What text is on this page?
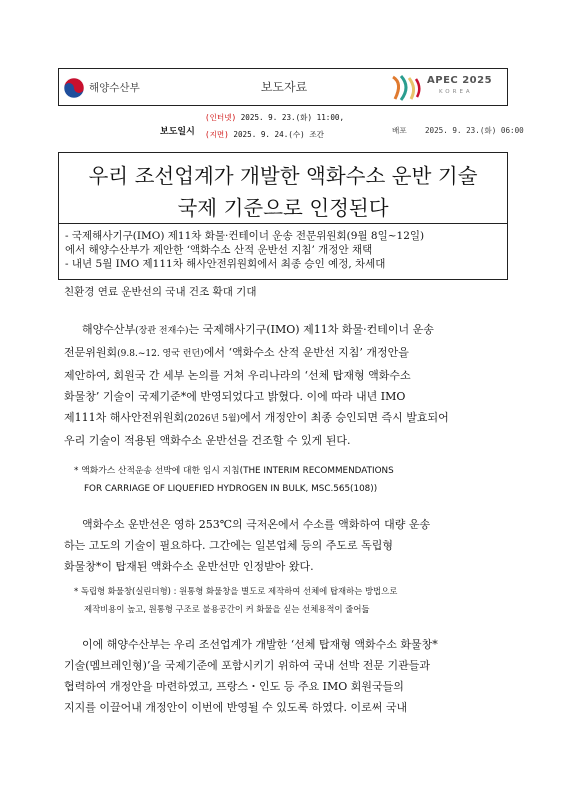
해양수산부	보도자료	APEC 2025
KOREA
보도일시
(인터넷) 2025. 9. 23.(화) 11:00,
(지면) 2025. 9. 24.(수) 조간	배포 2025. 9. 23.(화) 06:00
우리 조선업계가 개발한 액화수소 운반 기술
국제 기준으로 인정된다
- 국제해사기구(IMO) 제11차 화물·컨테이너 운송 전문위원회(9월 8일~12일)
에서 해양수산부가 제안한 ‘액화수소 산적 운반선 지침’ 개정안 채택
- 내년 5월 IMO 제111차 해사안전위원회에서 최종 승인 예정, 차세대
친환경 연료 운반선의 국내 건조 확대 기대
해양수산부(장관 전재수)는 국제해사기구(IMO) 제11차 화물·컨테이너 운송
전문위원회(9.8.~12. 영국 런던)에서 ‘액화수소 산적 운반선 지침’ 개정안을
제안하여, 회원국 간 세부 논의를 거쳐 우리나라의 ‘선체 탑재형 액화수소
화물창’ 기술이 국제기준*에 반영되었다고 밝혔다. 이에 따라 내년 IMO
제111차 해사안전위원회(2026년 5월)에서 개정안이 최종 승인되면 즉시 발효되어
우리 기술이 적용된 액화수소 운반선을 건조할 수 있게 된다.
* 액화가스 산적운송 선박에 대한 임시 지침(THE INTERIM RECOMMENDATIONS
FOR CARRIAGE OF LIQUEFIED HYDROGEN IN BULK, MSC.565(108))
액화수소 운반선은 영하 253℃의 극저온에서 수소를 액화하여 대량 운송
하는 고도의 기술이 필요하다. 그간에는 일본업체 등의 주도로 독립형
화물창*이 탑재된 액화수소 운반선만 인정받아 왔다.
* 독립형 화물창(실린더형) : 원통형 화물창을 별도로 제작하여 선체에 탑재하는 방법으로
제작비용이 높고, 원통형 구조로 불용공간이 커 화물을 싣는 선체용적이 줄어듦
이에 해양수산부는 우리 조선업계가 개발한 ‘선체 탑재형 액화수소 화물창*
기술(멤브레인형)’을 국제기준에 포함시키기 위하여 국내 선박 전문 기관들과
협력하여 개정안을 마련하였고, 프랑스・인도 등 주요 IMO 회원국들의
지지를 이끌어내 개정안이 이번에 반영될 수 있도록 하였다. 이로써 국내
